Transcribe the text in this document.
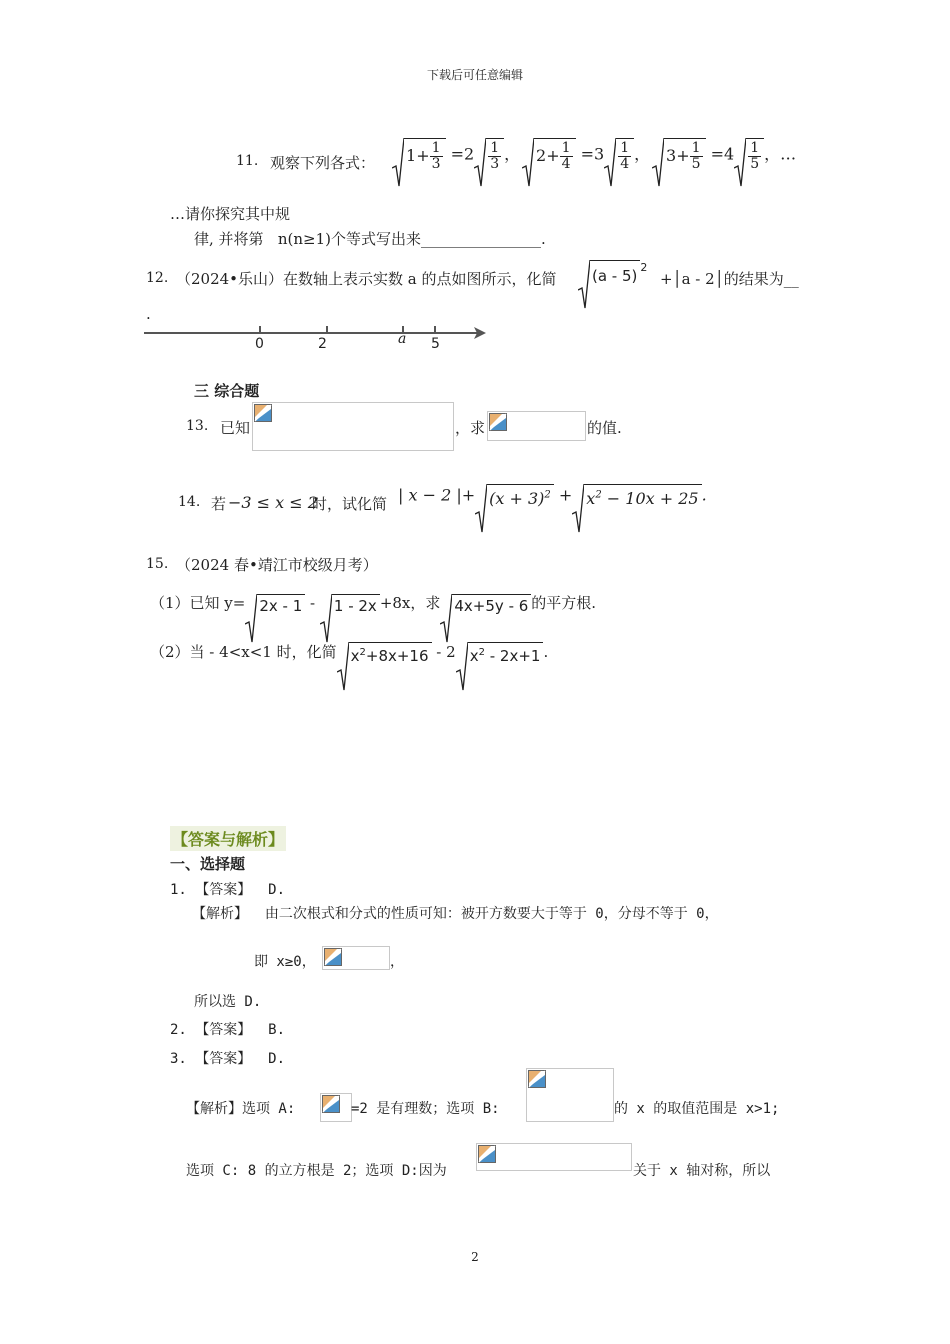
下载后可任意编辑
11. 观察下列各式：	$1+ \frac{1}{3} =2 \frac{1}{3}$ ， $2+ \frac{1}{4} =3 \frac{1}{4}$ ， $3+ \frac{1}{5} =4 \frac{1}{5}$ ，…
…请你探究其中规
律, 并将第 n(n≥1)个等式写出来________________.
12. （2024•乐山）在数轴上表示实数 a 的点如图所示，化简	(a - 5) $^2$
+│a - 2│的结果为__
.
0	2	a 5
三 综合题
13. 已知	，求	的值.
14. 若 −3 ≤ x ≤ 2
时，试化简 | x − 2 |+ $(x + 3)^2 + x^2 - 10x + 25$ .
15. （2024 春•靖江市校级月考）
（1）已知 y= 2x - 1 -
1 - 2x +8x，求 4x+5y - 6 的平方根.
（2）当 - 4<x<1 时，化简 $x^2+8x+16 - 2$ $x^2 - 2x+1$ .
【答案与解析】
一、选择题
1. 【答案】 D.
【解析】 由二次根式和分式的性质可知：被开方数要大于等于 0，分母不等于 0，
即 x≥0，	，
所以选 D.
2. 【答案】 B.
3. 【答案】 D.
【解析】选项 A:	=2 是有理数；选项 B:	的 x 的取值范围是 x>1;
选项 C: 8 的立方根是 2；选项 D:因为	关于 x 轴对称，所以
2
